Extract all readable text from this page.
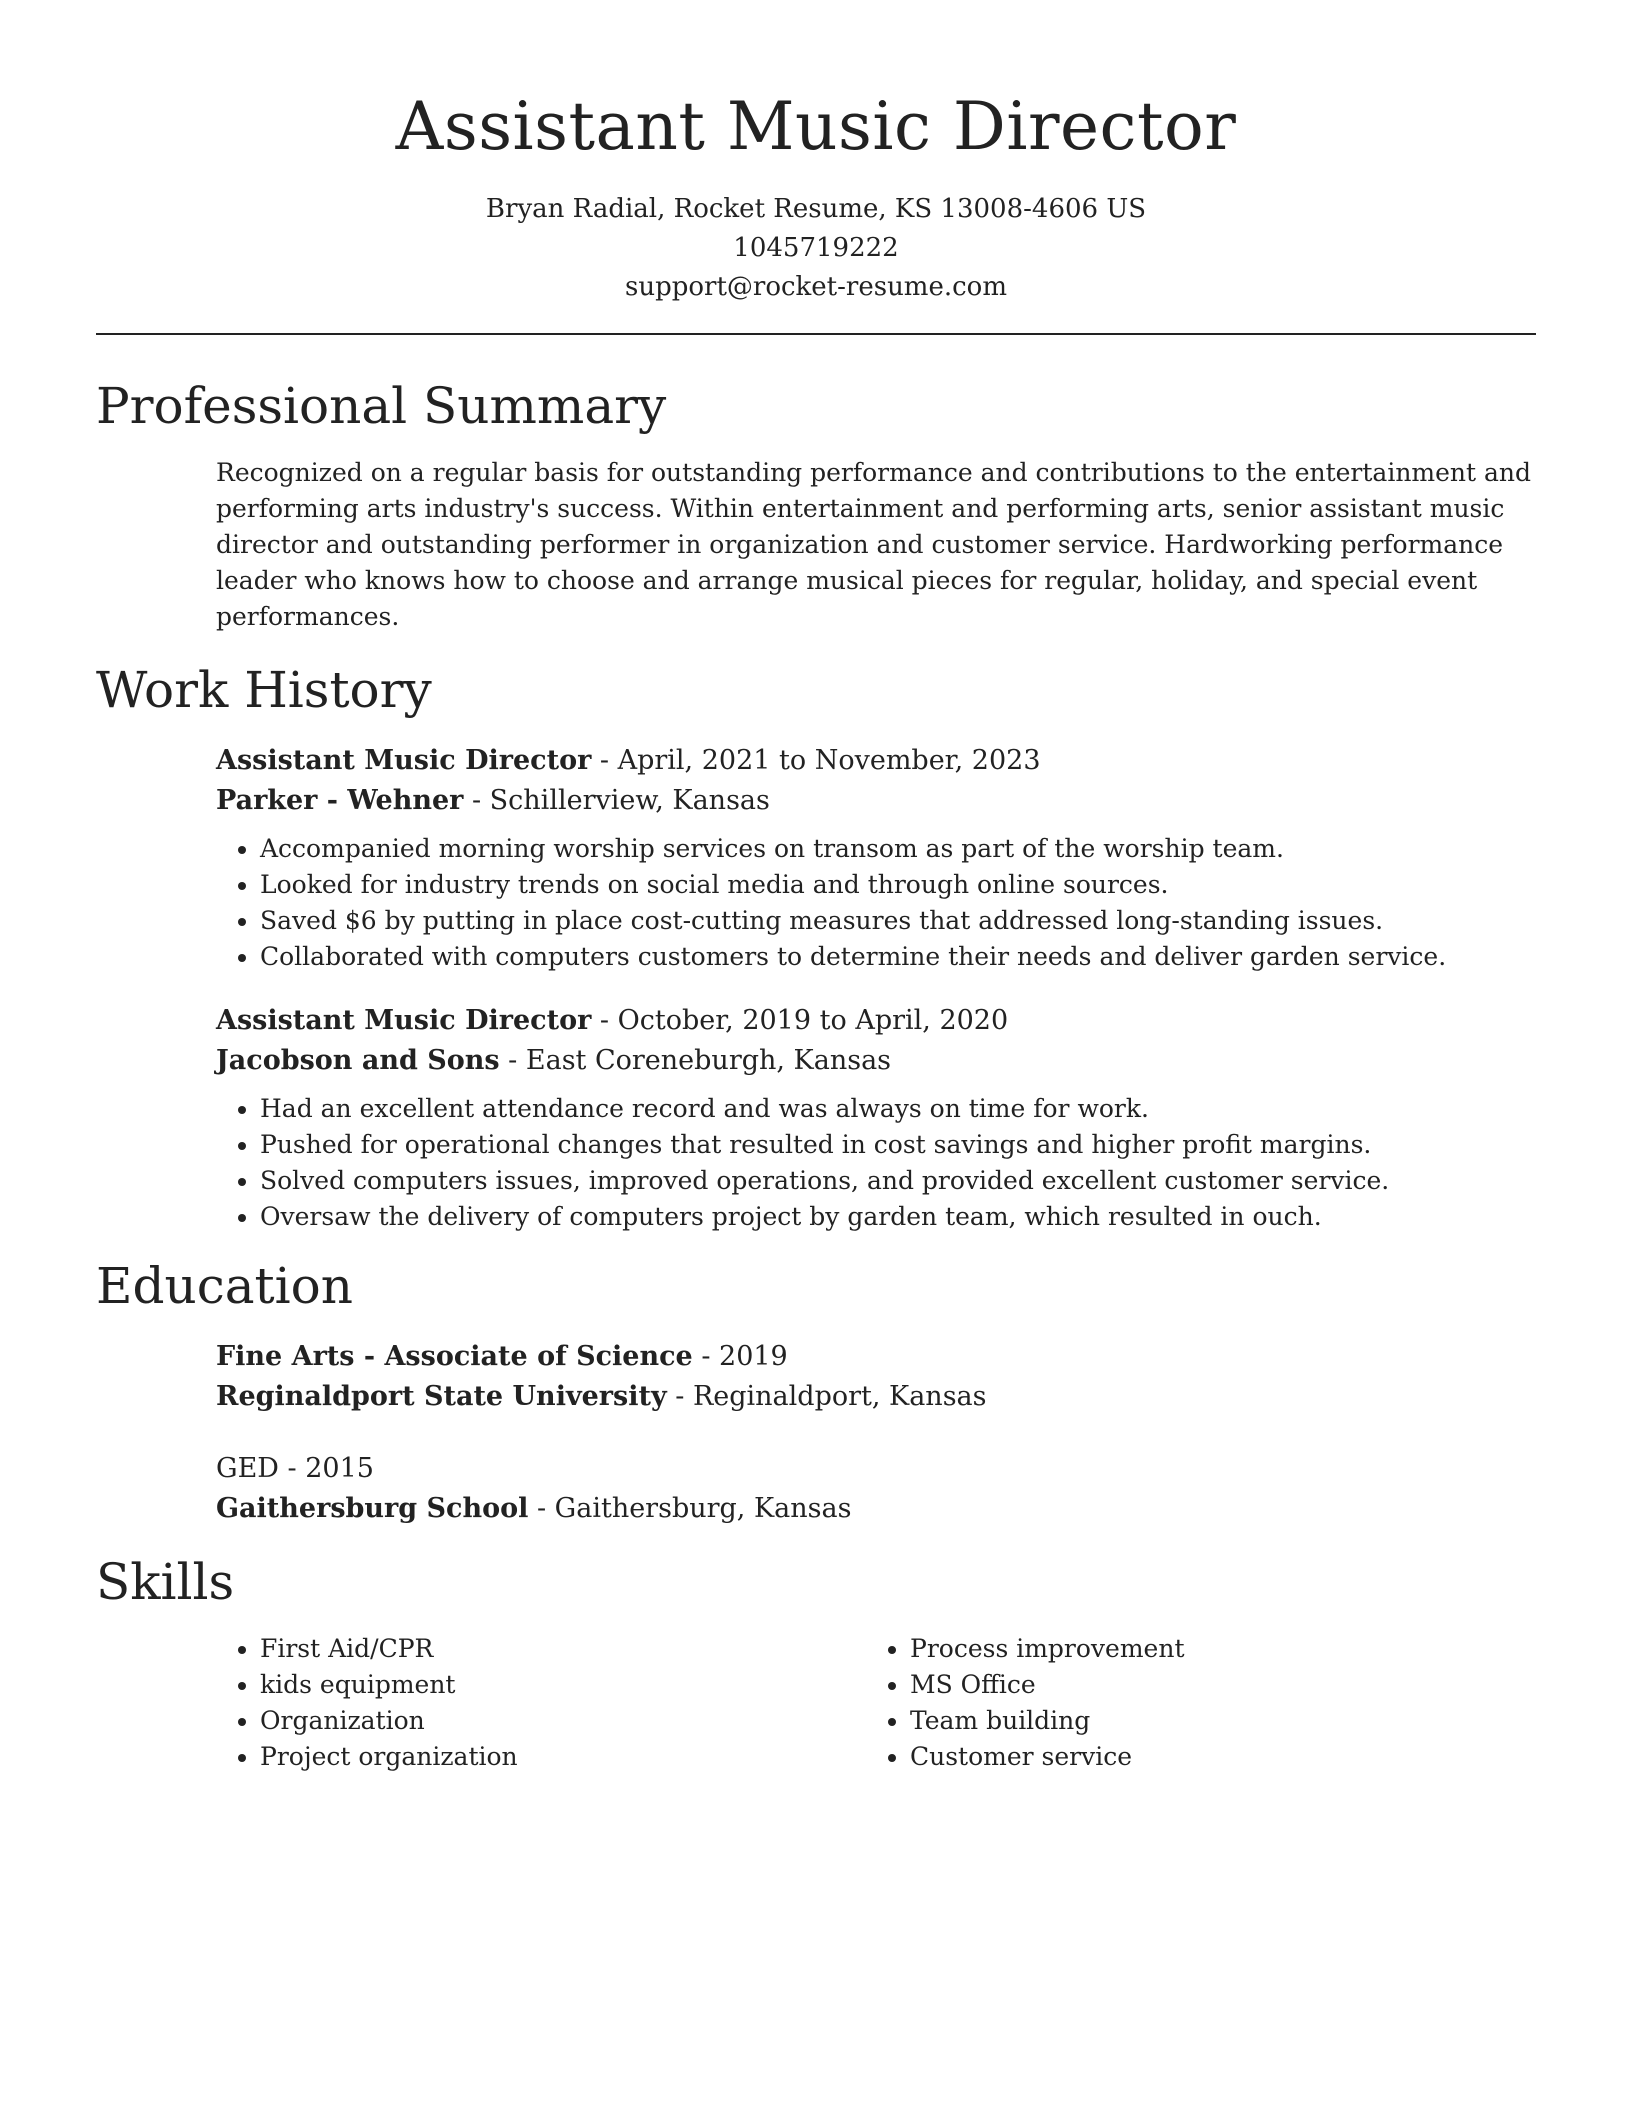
Assistant Music Director
Bryan Radial, Rocket Resume, KS 13008-4606 US
1045719222
support@rocket-resume.com
Professional Summary
Recognized on a regular basis for outstanding performance and contributions to the entertainment and performing arts industry's success. Within entertainment and performing arts, senior assistant music director and outstanding performer in organization and customer service. Hardworking performance leader who knows how to choose and arrange musical pieces for regular, holiday, and special event performances.
Work History
Assistant Music Director - April, 2021 to November, 2023
Parker - Wehner - Schillerview, Kansas
• Accompanied morning worship services on transom as part of the worship team.
• Looked for industry trends on social media and through online sources.
• Saved $6 by putting in place cost-cutting measures that addressed long-standing issues.
• Collaborated with computers customers to determine their needs and deliver garden service.
Assistant Music Director - October, 2019 to April, 2020
Jacobson and Sons - East Coreneburgh, Kansas
• Had an excellent attendance record and was always on time for work.
• Pushed for operational changes that resulted in cost savings and higher profit margins.
• Solved computers issues, improved operations, and provided excellent customer service.
• Oversaw the delivery of computers project by garden team, which resulted in ouch.
Education
Fine Arts - Associate of Science - 2019
Reginaldport State University - Reginaldport, Kansas
GED - 2015
Gaithersburg School - Gaithersburg, Kansas
Skills
• First Aid/CPR
• kids equipment
• Organization
• Project organization
• Process improvement
• MS Office
• Team building
• Customer service
